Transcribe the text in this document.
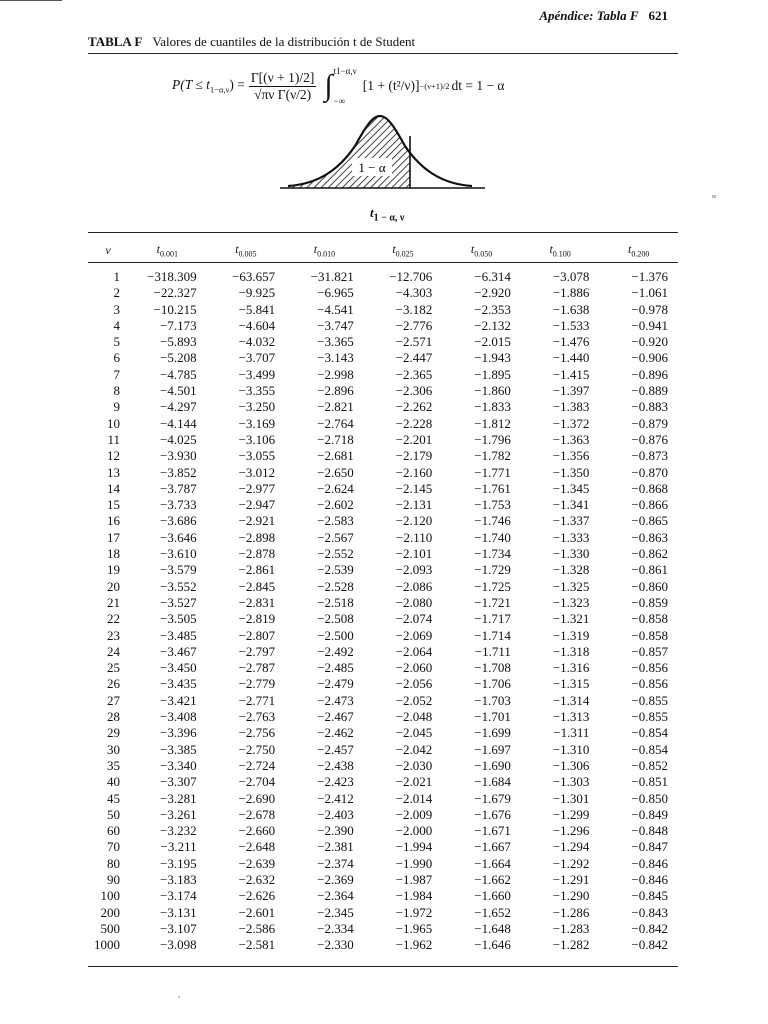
Apéndice: Tabla F 621
TABLA F Valores de cuantiles de la distribución t de Student
$P(T \le t_{1-\alpha,\nu}) = \frac{\Gamma[(\nu + 1)/2]}{\text{√πν Γ(ν/2)}}$ ∫ t1−α,ν
−∞
[1 + (t²/ν)] −(ν+1)/2 dt = 1 − α
1 − α
$t_{1 - \alpha, \nu}$
ν	$t_{0.001}$	$t_{0.005}$	$t_{0.010}$	$t_{0.025}$	$t_{0.050}$	$t_{0.100}$	$t_{0.200}$
1	−318.309	−63.657	−31.821	−12.706	−6.314	−3.078	−1.376
2	−22.327	−9.925	−6.965	−4.303	−2.920	−1.886	−1.061
3	−10.215	−5.841	−4.541	−3.182	−2.353	−1.638	−0.978
4	−7.173	−4.604	−3.747	−2.776	−2.132	−1.533	−0.941
5	−5.893	−4.032	−3.365	−2.571	−2.015	−1.476	−0.920
6	−5.208	−3.707	−3.143	−2.447	−1.943	−1.440	−0.906
7	−4.785	−3.499	−2.998	−2.365	−1.895	−1.415	−0.896
8	−4.501	−3.355	−2.896	−2.306	−1.860	−1.397	−0.889
9	−4.297	−3.250	−2.821	−2.262	−1.833	−1.383	−0.883
10	−4.144	−3.169	−2.764	−2.228	−1.812	−1.372	−0.879
11	−4.025	−3.106	−2.718	−2.201	−1.796	−1.363	−0.876
12	−3.930	−3.055	−2.681	−2.179	−1.782	−1.356	−0.873
13	−3.852	−3.012	−2.650	−2.160	−1.771	−1.350	−0.870
14	−3.787	−2.977	−2.624	−2.145	−1.761	−1.345	−0.868
15	−3.733	−2.947	−2.602	−2.131	−1.753	−1.341	−0.866
16	−3.686	−2.921	−2.583	−2.120	−1.746	−1.337	−0.865
17	−3.646	−2.898	−2.567	−2.110	−1.740	−1.333	−0.863
18	−3.610	−2.878	−2.552	−2.101	−1.734	−1.330	−0.862
19	−3.579	−2.861	−2.539	−2.093	−1.729	−1.328	−0.861
20	−3.552	−2.845	−2.528	−2.086	−1.725	−1.325	−0.860
21	−3.527	−2.831	−2.518	−2.080	−1.721	−1.323	−0.859
22	−3.505	−2.819	−2.508	−2.074	−1.717	−1.321	−0.858
23	−3.485	−2.807	−2.500	−2.069	−1.714	−1.319	−0.858
24	−3.467	−2.797	−2.492	−2.064	−1.711	−1.318	−0.857
25	−3.450	−2.787	−2.485	−2.060	−1.708	−1.316	−0.856
26	−3.435	−2.779	−2.479	−2.056	−1.706	−1.315	−0.856
27	−3.421	−2.771	−2.473	−2.052	−1.703	−1.314	−0.855
28	−3.408	−2.763	−2.467	−2.048	−1.701	−1.313	−0.855
29	−3.396	−2.756	−2.462	−2.045	−1.699	−1.311	−0.854
30	−3.385	−2.750	−2.457	−2.042	−1.697	−1.310	−0.854
35	−3.340	−2.724	−2.438	−2.030	−1.690	−1.306	−0.852
40	−3.307	−2.704	−2.423	−2.021	−1.684	−1.303	−0.851
45	−3.281	−2.690	−2.412	−2.014	−1.679	−1.301	−0.850
50	−3.261	−2.678	−2.403	−2.009	−1.676	−1.299	−0.849
60	−3.232	−2.660	−2.390	−2.000	−1.671	−1.296	−0.848
70	−3.211	−2.648	−2.381	−1.994	−1.667	−1.294	−0.847
80	−3.195	−2.639	−2.374	−1.990	−1.664	−1.292	−0.846
90	−3.183	−2.632	−2.369	−1.987	−1.662	−1.291	−0.846
100	−3.174	−2.626	−2.364	−1.984	−1.660	−1.290	−0.845
200	−3.131	−2.601	−2.345	−1.972	−1.652	−1.286	−0.843
500	−3.107	−2.586	−2.334	−1.965	−1.648	−1.283	−0.842
1000	−3.098	−2.581	−2.330	−1.962	−1.646	−1.282	−0.842
